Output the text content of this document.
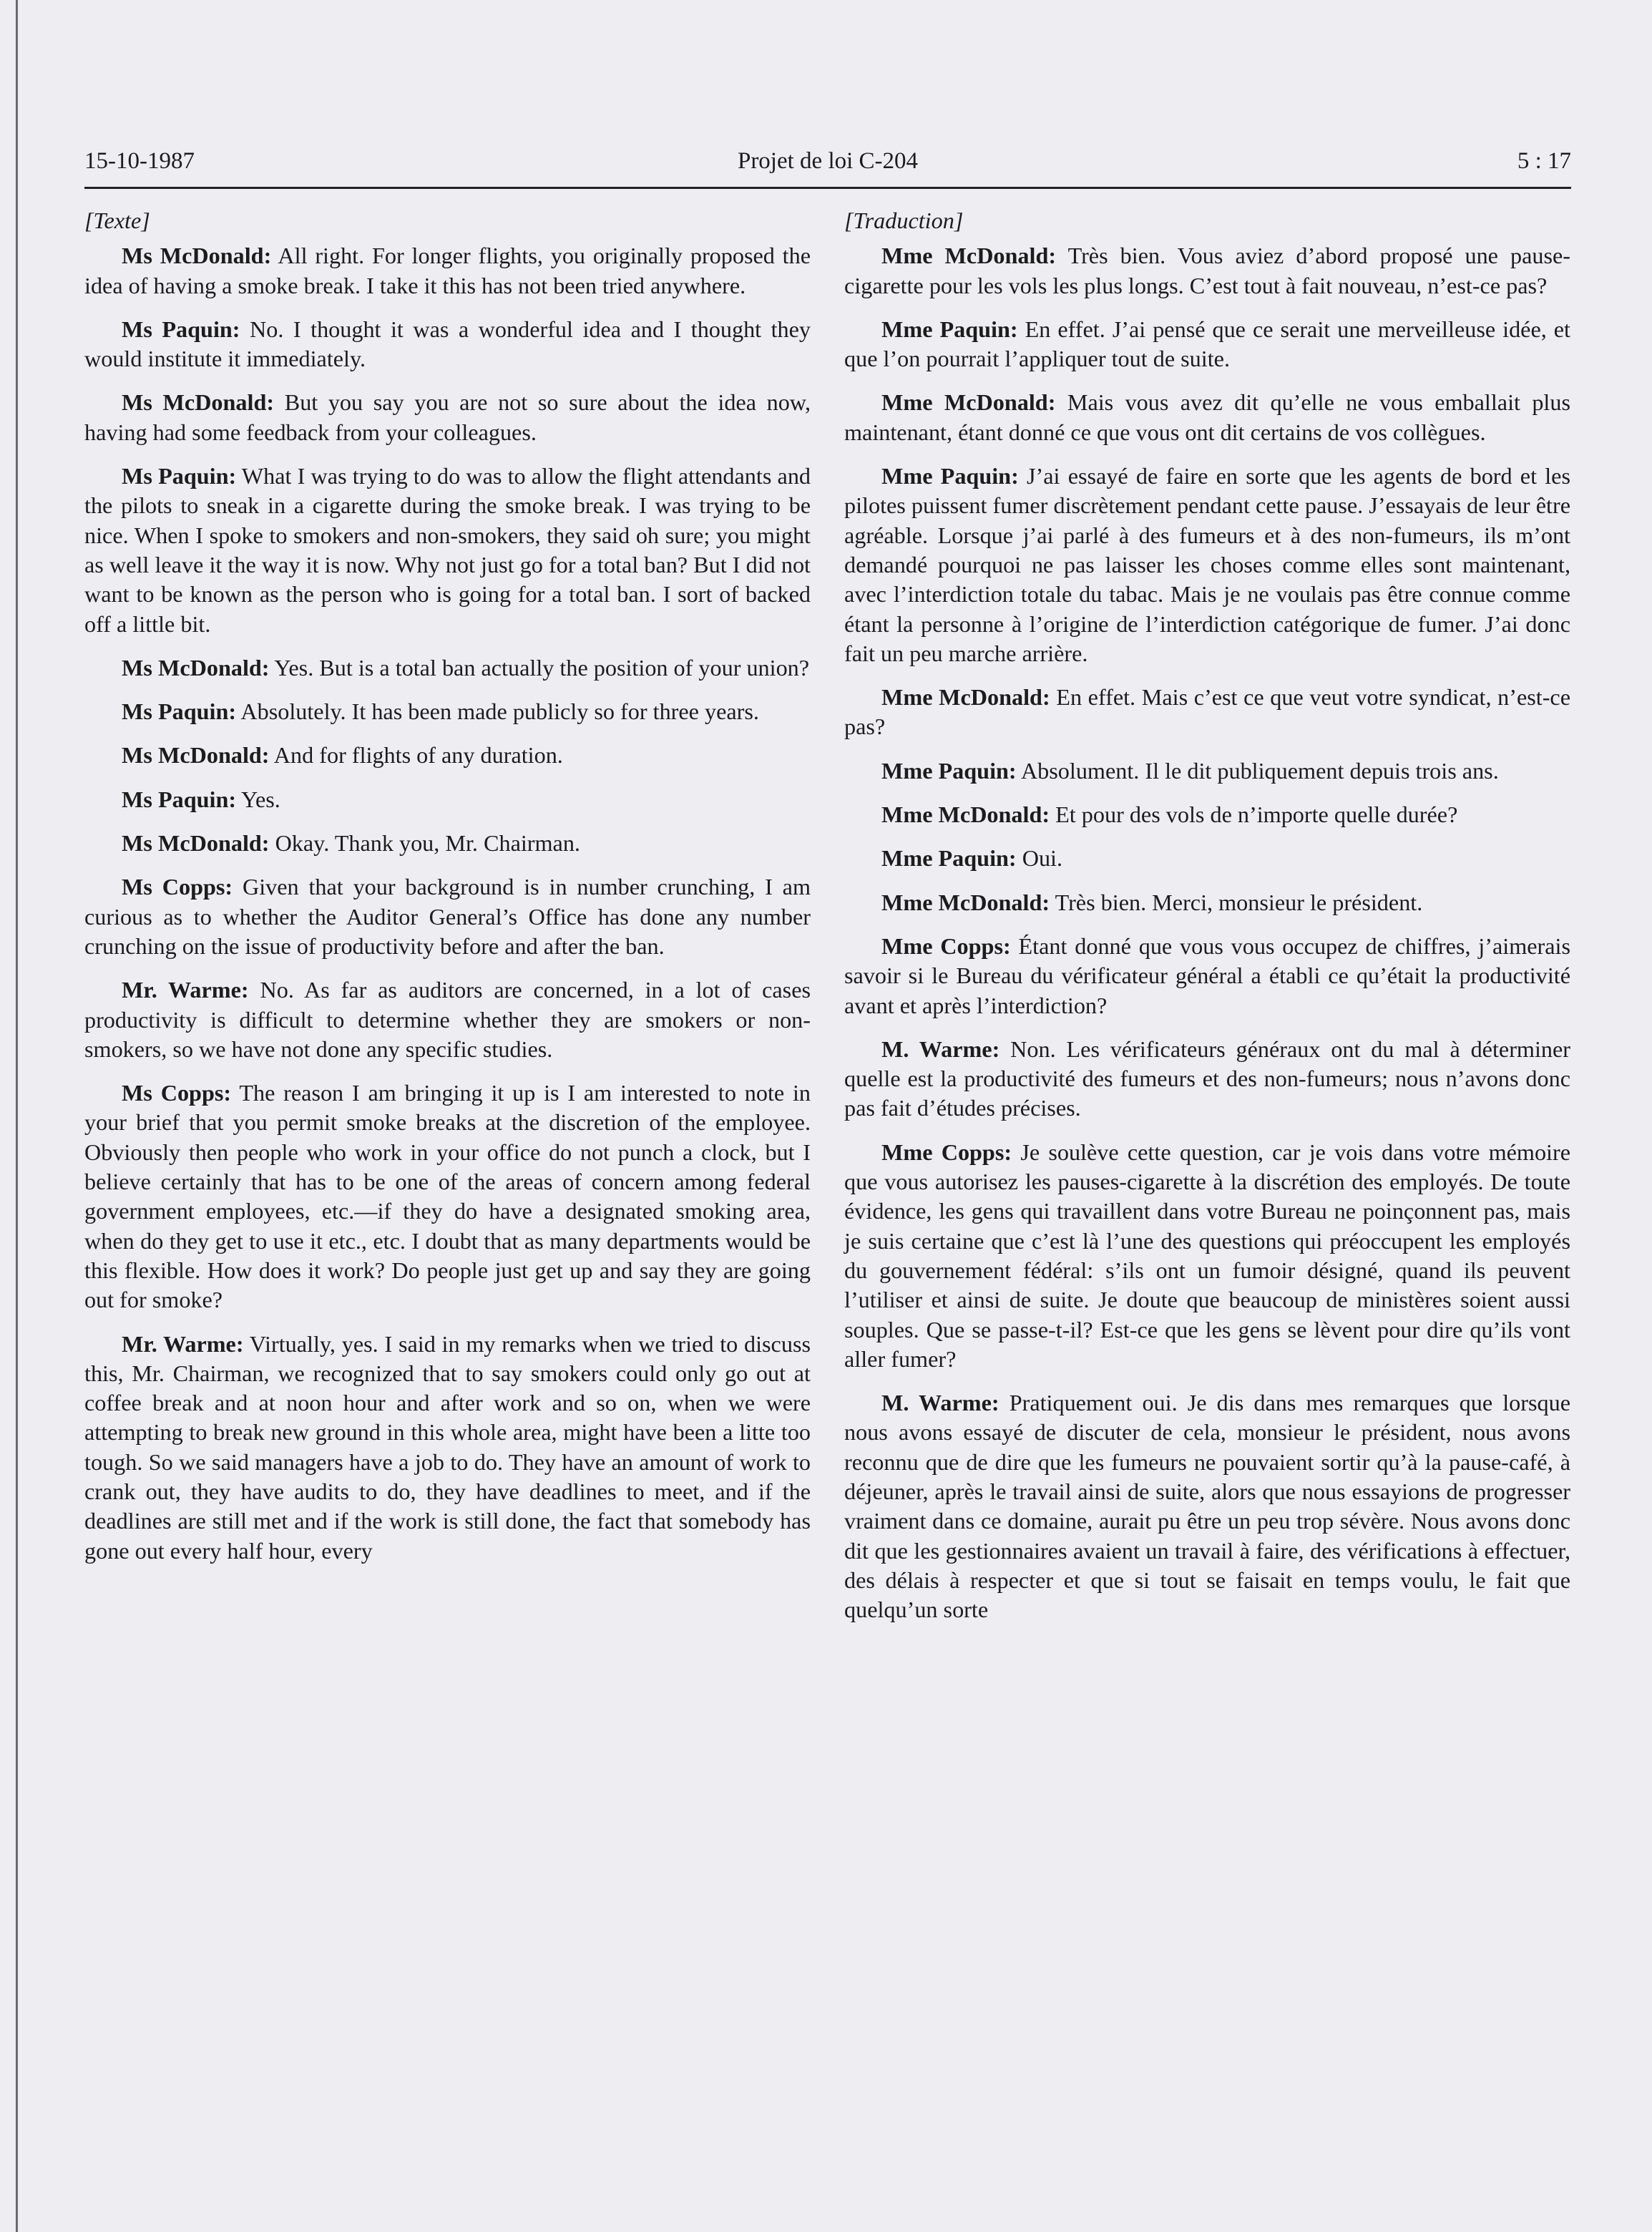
15-10-1987	Projet de loi C-204	5 : 17
[Texte]

Ms McDonald: All right. For longer flights, you originally proposed the idea of having a smoke break. I take it this has not been tried anywhere.

Ms Paquin: No. I thought it was a wonderful idea and I thought they would institute it immediately.

Ms McDonald: But you say you are not so sure about the idea now, having had some feedback from your colleagues.

Ms Paquin: What I was trying to do was to allow the flight attendants and the pilots to sneak in a cigarette during the smoke break. I was trying to be nice. When I spoke to smokers and non-smokers, they said oh sure; you might as well leave it the way it is now. Why not just go for a total ban? But I did not want to be known as the person who is going for a total ban. I sort of backed off a little bit.

Ms McDonald: Yes. But is a total ban actually the position of your union?

Ms Paquin: Absolutely. It has been made publicly so for three years.

Ms McDonald: And for flights of any duration.

Ms Paquin: Yes.

Ms McDonald: Okay. Thank you, Mr. Chairman.

Ms Copps: Given that your background is in number crunching, I am curious as to whether the Auditor General’s Office has done any number crunching on the issue of productivity before and after the ban.

Mr. Warme: No. As far as auditors are concerned, in a lot of cases productivity is difficult to determine whether they are smokers or non-smokers, so we have not done any specific studies.

Ms Copps: The reason I am bringing it up is I am interested to note in your brief that you permit smoke breaks at the discretion of the employee. Obviously then people who work in your office do not punch a clock, but I believe certainly that has to be one of the areas of concern among federal government employees, etc.—if they do have a designated smoking area, when do they get to use it etc., etc. I doubt that as many departments would be this flexible. How does it work? Do people just get up and say they are going out for smoke?

Mr. Warme: Virtually, yes. I said in my remarks when we tried to discuss this, Mr. Chairman, we recognized that to say smokers could only go out at coffee break and at noon hour and after work and so on, when we were attempting to break new ground in this whole area, might have been a litte too tough. So we said managers have a job to do. They have an amount of work to crank out, they have audits to do, they have deadlines to meet, and if the deadlines are still met and if the work is still done, the fact that somebody has gone out every half hour, every

[Traduction]

Mme McDonald: Très bien. Vous aviez d’abord proposé une pause-cigarette pour les vols les plus longs. C’est tout à fait nouveau, n’est-ce pas?

Mme Paquin: En effet. J’ai pensé que ce serait une merveilleuse idée, et que l’on pourrait l’appliquer tout de suite.

Mme McDonald: Mais vous avez dit qu’elle ne vous emballait plus maintenant, étant donné ce que vous ont dit certains de vos collègues.

Mme Paquin: J’ai essayé de faire en sorte que les agents de bord et les pilotes puissent fumer discrètement pendant cette pause. J’essayais de leur être agréable. Lorsque j’ai parlé à des fumeurs et à des non-fumeurs, ils m’ont demandé pourquoi ne pas laisser les choses comme elles sont maintenant, avec l’interdiction totale du tabac. Mais je ne voulais pas être connue comme étant la personne à l’origine de l’interdiction catégorique de fumer. J’ai donc fait un peu marche arrière.

Mme McDonald: En effet. Mais c’est ce que veut votre syndicat, n’est-ce pas?

Mme Paquin: Absolument. Il le dit publiquement depuis trois ans.

Mme McDonald: Et pour des vols de n’importe quelle durée?

Mme Paquin: Oui.

Mme McDonald: Très bien. Merci, monsieur le président.

Mme Copps: Étant donné que vous vous occupez de chiffres, j’aimerais savoir si le Bureau du vérificateur général a établi ce qu’était la productivité avant et après l’interdiction?

M. Warme: Non. Les vérificateurs généraux ont du mal à déterminer quelle est la productivité des fumeurs et des non-fumeurs; nous n’avons donc pas fait d’études précises.

Mme Copps: Je soulève cette question, car je vois dans votre mémoire que vous autorisez les pauses-cigarette à la discrétion des employés. De toute évidence, les gens qui travaillent dans votre Bureau ne poinçonnent pas, mais je suis certaine que c’est là l’une des questions qui préoccupent les employés du gouvernement fédéral: s’ils ont un fumoir désigné, quand ils peuvent l’utiliser et ainsi de suite. Je doute que beaucoup de ministères soient aussi souples. Que se passe-t-il? Est-ce que les gens se lèvent pour dire qu’ils vont aller fumer?

M. Warme: Pratiquement oui. Je dis dans mes remarques que lorsque nous avons essayé de discuter de cela, monsieur le président, nous avons reconnu que de dire que les fumeurs ne pouvaient sortir qu’à la pause-café, à déjeuner, après le travail ainsi de suite, alors que nous essayions de progresser vraiment dans ce domaine, aurait pu être un peu trop sévère. Nous avons donc dit que les gestionnaires avaient un travail à faire, des vérifications à effectuer, des délais à respecter et que si tout se faisait en temps voulu, le fait que quelqu’un sorte
